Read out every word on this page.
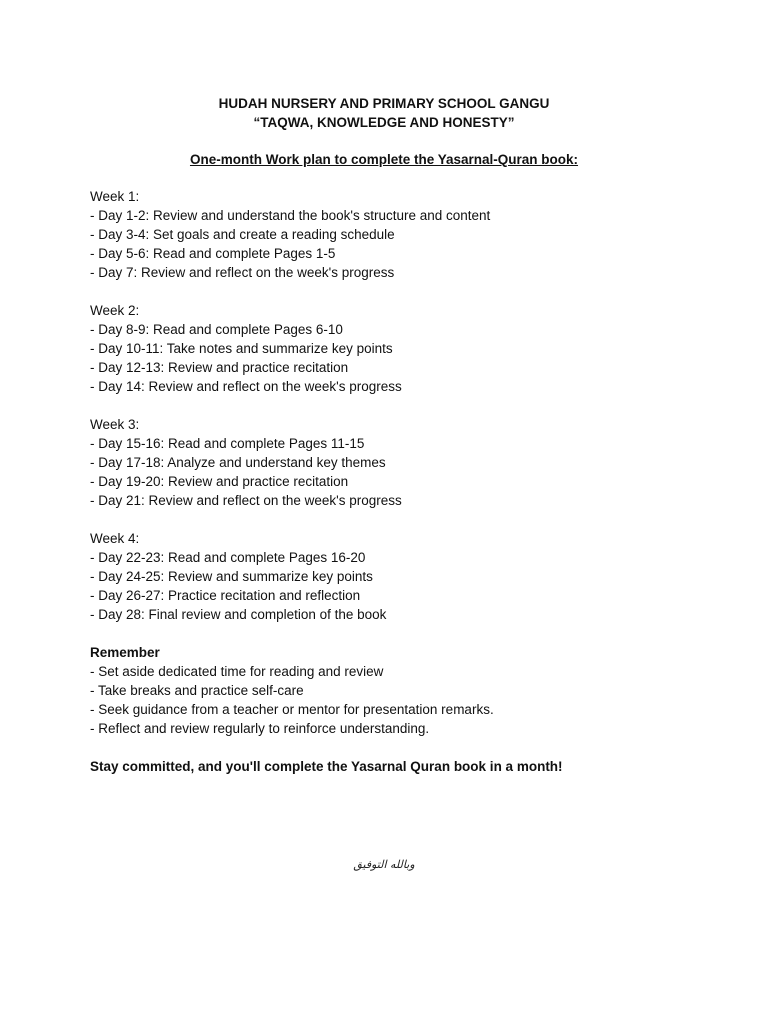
HUDAH NURSERY AND PRIMARY SCHOOL GANGU

“TAQWA, KNOWLEDGE AND HONESTY”

One-month Work plan to complete the Yasarnal-Quran book:

Week 1:

- Day 1-2: Review and understand the book's structure and content

- Day 3-4: Set goals and create a reading schedule

- Day 5-6: Read and complete Pages 1-5

- Day 7: Review and reflect on the week's progress

Week 2:

- Day 8-9: Read and complete Pages 6-10

- Day 10-11: Take notes and summarize key points

- Day 12-13: Review and practice recitation

- Day 14: Review and reflect on the week's progress

Week 3:

- Day 15-16: Read and complete Pages 11-15

- Day 17-18: Analyze and understand key themes

- Day 19-20: Review and practice recitation

- Day 21: Review and reflect on the week's progress

Week 4:

- Day 22-23: Read and complete Pages 16-20

- Day 24-25: Review and summarize key points

- Day 26-27: Practice recitation and reflection

- Day 28: Final review and completion of the book

Remember

- Set aside dedicated time for reading and review

- Take breaks and practice self-care

- Seek guidance from a teacher or mentor for presentation remarks.

- Reflect and review regularly to reinforce understanding.

Stay committed, and you'll complete the Yasarnal Quran book in a month!

وبالله التوفيق
